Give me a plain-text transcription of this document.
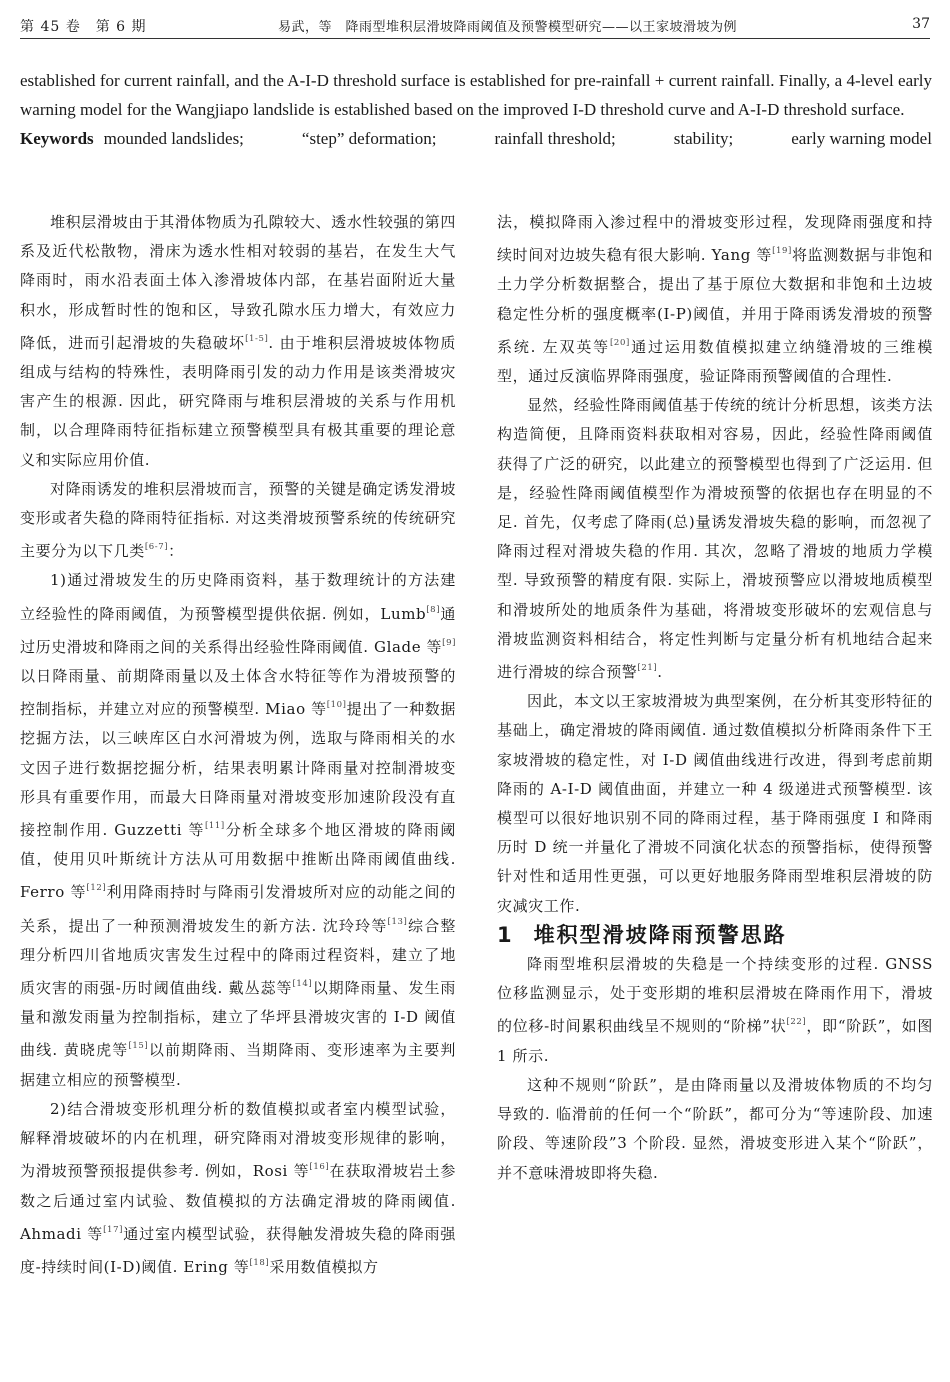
第 45 卷　第 6 期	易武，等　降雨型堆积层滑坡降雨阈值及预警模型研究——以王家坡滑坡为例	37

established for current rainfall, and the A-I-D threshold surface is established for pre-rainfall + current rainfall. Finally, a 4-level early warning model for the Wangjiapo landslide is established based on the improved I-D threshold curve and A-I-D threshold surface.

Keywords mounded landslides;	“step” deformation;	rainfall threshold;	stability;	early warning model

堆积层滑坡由于其滑体物质为孔隙较大、透水性较强的第四系及近代松散物，滑床为透水性相对较弱的基岩，在发生大气降雨时，雨水沿表面土体入渗滑坡体内部，在基岩面附近大量积水，形成暂时性的饱和区，导致孔隙水压力增大，有效应力降低，进而引起滑坡的失稳破坏[1-5]. 由于堆积层滑坡坡体物质组成与结构的特殊性，表明降雨引发的动力作用是该类滑坡灾害产生的根源. 因此，研究降雨与堆积层滑坡的关系与作用机制，以合理降雨特征指标建立预警模型具有极其重要的理论意义和实际应用价值.

对降雨诱发的堆积层滑坡而言，预警的关键是确定诱发滑坡变形或者失稳的降雨特征指标. 对这类滑坡预警系统的传统研究主要分为以下几类[6-7]：

1)通过滑坡发生的历史降雨资料，基于数理统计的方法建立经验性的降雨阈值，为预警模型提供依据. 例如，Lumb[8]通过历史滑坡和降雨之间的关系得出经验性降雨阈值. Glade 等[9]以日降雨量、前期降雨量以及土体含水特征等作为滑坡预警的控制指标，并建立对应的预警模型. Miao 等[10]提出了一种数据挖掘方法，以三峡库区白水河滑坡为例，选取与降雨相关的水文因子进行数据挖掘分析，结果表明累计降雨量对控制滑坡变形具有重要作用，而最大日降雨量对滑坡变形加速阶段没有直接控制作用. Guzzetti 等[11]分析全球多个地区滑坡的降雨阈值，使用贝叶斯统计方法从可用数据中推断出降雨阈值曲线. Ferro 等[12]利用降雨持时与降雨引发滑坡所对应的动能之间的关系，提出了一种预测滑坡发生的新方法. 沈玲玲等[13]综合整理分析四川省地质灾害发生过程中的降雨过程资料，建立了地质灾害的雨强-历时阈值曲线. 戴丛蕊等[14]以期降雨量、发生雨量和激发雨量为控制指标，建立了华坪县滑坡灾害的 I-D 阈值曲线. 黄晓虎等[15]以前期降雨、当期降雨、变形速率为主要判据建立相应的预警模型.

2)结合滑坡变形机理分析的数值模拟或者室内模型试验，解释滑坡破坏的内在机理，研究降雨对滑坡变形规律的影响，为滑坡预警预报提供参考. 例如，Rosi 等[16]在获取滑坡岩土参数之后通过室内试验、数值模拟的方法确定滑坡的降雨阈值. Ahmadi 等[17]通过室内模型试验，获得触发滑坡失稳的降雨强度-持续时间(I-D)阈值. Ering 等[18]采用数值模拟方

法，模拟降雨入渗过程中的滑坡变形过程，发现降雨强度和持续时间对边坡失稳有很大影响. Yang 等[19]将监测数据与非饱和土力学分析数据整合，提出了基于原位大数据和非饱和土边坡稳定性分析的强度概率(I-P)阈值，并用于降雨诱发滑坡的预警系统. 左双英等[20]通过运用数值模拟建立纳缝滑坡的三维模型，通过反演临界降雨强度，验证降雨预警阈值的合理性.

显然，经验性降雨阈值基于传统的统计分析思想，该类方法构造简便，且降雨资料获取相对容易，因此，经验性降雨阈值获得了广泛的研究，以此建立的预警模型也得到了广泛运用. 但是，经验性降雨阈值模型作为滑坡预警的依据也存在明显的不足. 首先，仅考虑了降雨(总)量诱发滑坡失稳的影响，而忽视了降雨过程对滑坡失稳的作用. 其次，忽略了滑坡的地质力学模型. 导致预警的精度有限. 实际上，滑坡预警应以滑坡地质模型和滑坡所处的地质条件为基础，将滑坡变形破坏的宏观信息与滑坡监测资料相结合，将定性判断与定量分析有机地结合起来进行滑坡的综合预警[21].

因此，本文以王家坡滑坡为典型案例，在分析其变形特征的基础上，确定滑坡的降雨阈值. 通过数值模拟分析降雨条件下王家坡滑坡的稳定性，对 I-D 阈值曲线进行改进，得到考虑前期降雨的 A-I-D 阈值曲面，并建立一种 4 级递进式预警模型. 该模型可以很好地识别不同的降雨过程，基于降雨强度 I 和降雨历时 D 统一并量化了滑坡不同演化状态的预警指标，使得预警针对性和适用性更强，可以更好地服务降雨型堆积层滑坡的防灾减灾工作.

1 堆积型滑坡降雨预警思路

降雨型堆积层滑坡的失稳是一个持续变形的过程. GNSS 位移监测显示，处于变形期的堆积层滑坡在降雨作用下，滑坡的位移-时间累积曲线呈不规则的“阶梯”状[22]，即“阶跃”，如图 1 所示.

这种不规则“阶跃”，是由降雨量以及滑坡体物质的不均匀导致的. 临滑前的任何一个“阶跃”，都可分为“等速阶段、加速阶段、等速阶段”3 个阶段. 显然，滑坡变形进入某个“阶跃”，并不意味滑坡即将失稳.
